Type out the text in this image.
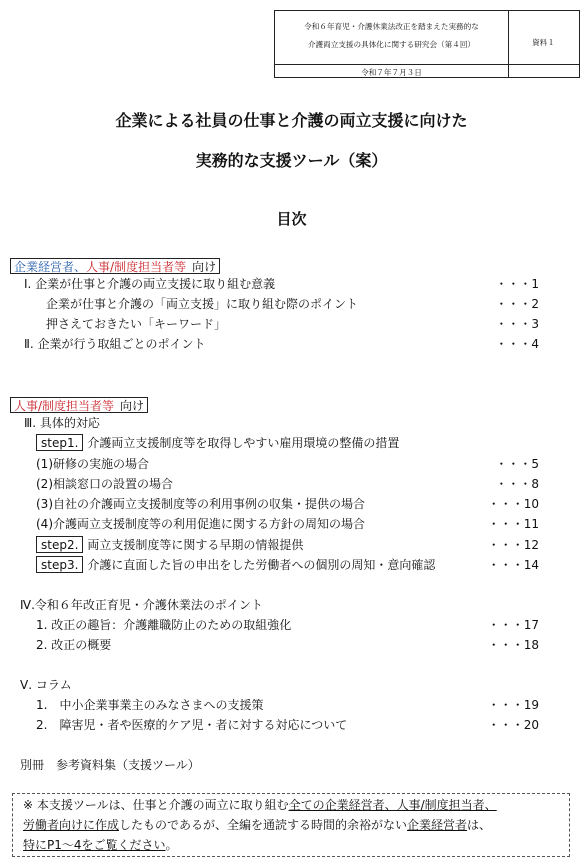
令和６年育児・介護休業法改正を踏まえた実務的な
介護両立支援の具体化に関する研究会（第４回）	資料１
令和７年７月３日
企業による社員の仕事と介護の両立支援に向けた
実務的な支援ツール（案）
目次
企業経営者、人事/制度担当者等 向け
Ⅰ. 企業が仕事と介護の両立支援に取り組む意義	・・・1
企業が仕事と介護の「両立支援」に取り組む際のポイント	・・・2
押さえておきたい「キーワード」	・・・3
Ⅱ. 企業が行う取組ごとのポイント	・・・4
人事/制度担当者等 向け
Ⅲ. 具体的対応
step1. 介護両立支援制度等を取得しやすい雇用環境の整備の措置
(1)研修の実施の場合	・・・5
(2)相談窓口の設置の場合	・・・8
(3)自社の介護両立支援制度等の利用事例の収集・提供の場合	・・・10
(4)介護両立支援制度等の利用促進に関する方針の周知の場合	・・・11
step2. 両立支援制度等に関する早期の情報提供	・・・12
step3. 介護に直面した旨の申出をした労働者への個別の周知・意向確認	・・・14
Ⅳ.令和６年改正育児・介護休業法のポイント
1. 改正の趣旨：介護離職防止のための取組強化	・・・17
2. 改正の概要	・・・18
Ⅴ. コラム
1.　中小企業事業主のみなさまへの支援策	・・・19
2.　障害児・者や医療的ケア児・者に対する対応について	・・・20
別冊　参考資料集（支援ツール）
※ 本支援ツールは、仕事と介護の両立に取り組む全ての企業経営者、人事/制度担当者、
労働者向けに作成したものであるが、全編を通読する時間的余裕がない企業経営者は、
特にP1～4をご覧ください。
